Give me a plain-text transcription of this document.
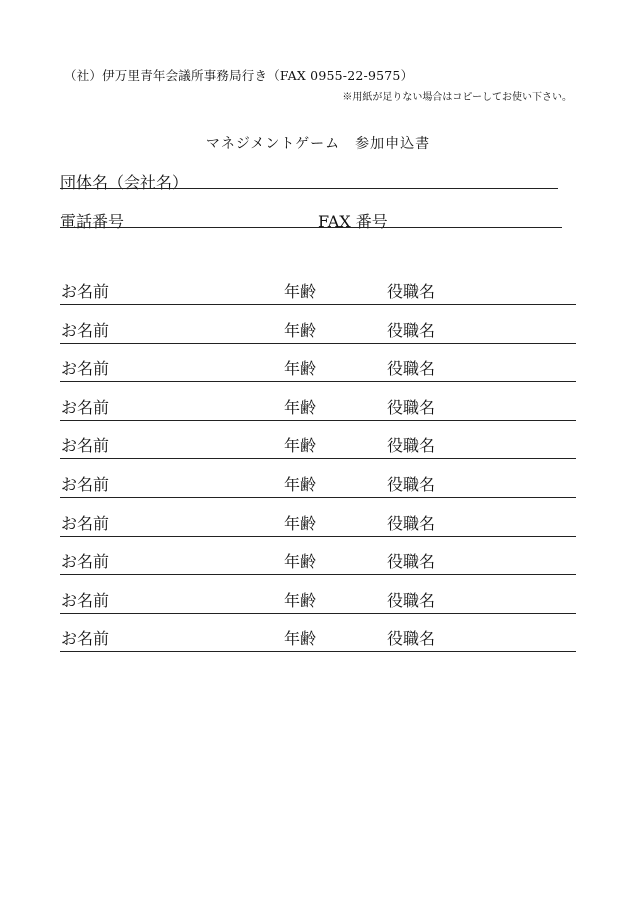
（社）伊万里青年会議所事務局行き（FAX 0955-22-9575）
※用紙が足りない場合はコピーしてお使い下さい。
マネジメントゲーム　参加申込書
団体名（会社名）
電話番号	FAX 番号
お名前	年齢	役職名
お名前	年齢	役職名
お名前	年齢	役職名
お名前	年齢	役職名
お名前	年齢	役職名
お名前	年齢	役職名
お名前	年齢	役職名
お名前	年齢	役職名
お名前	年齢	役職名
お名前	年齢	役職名
